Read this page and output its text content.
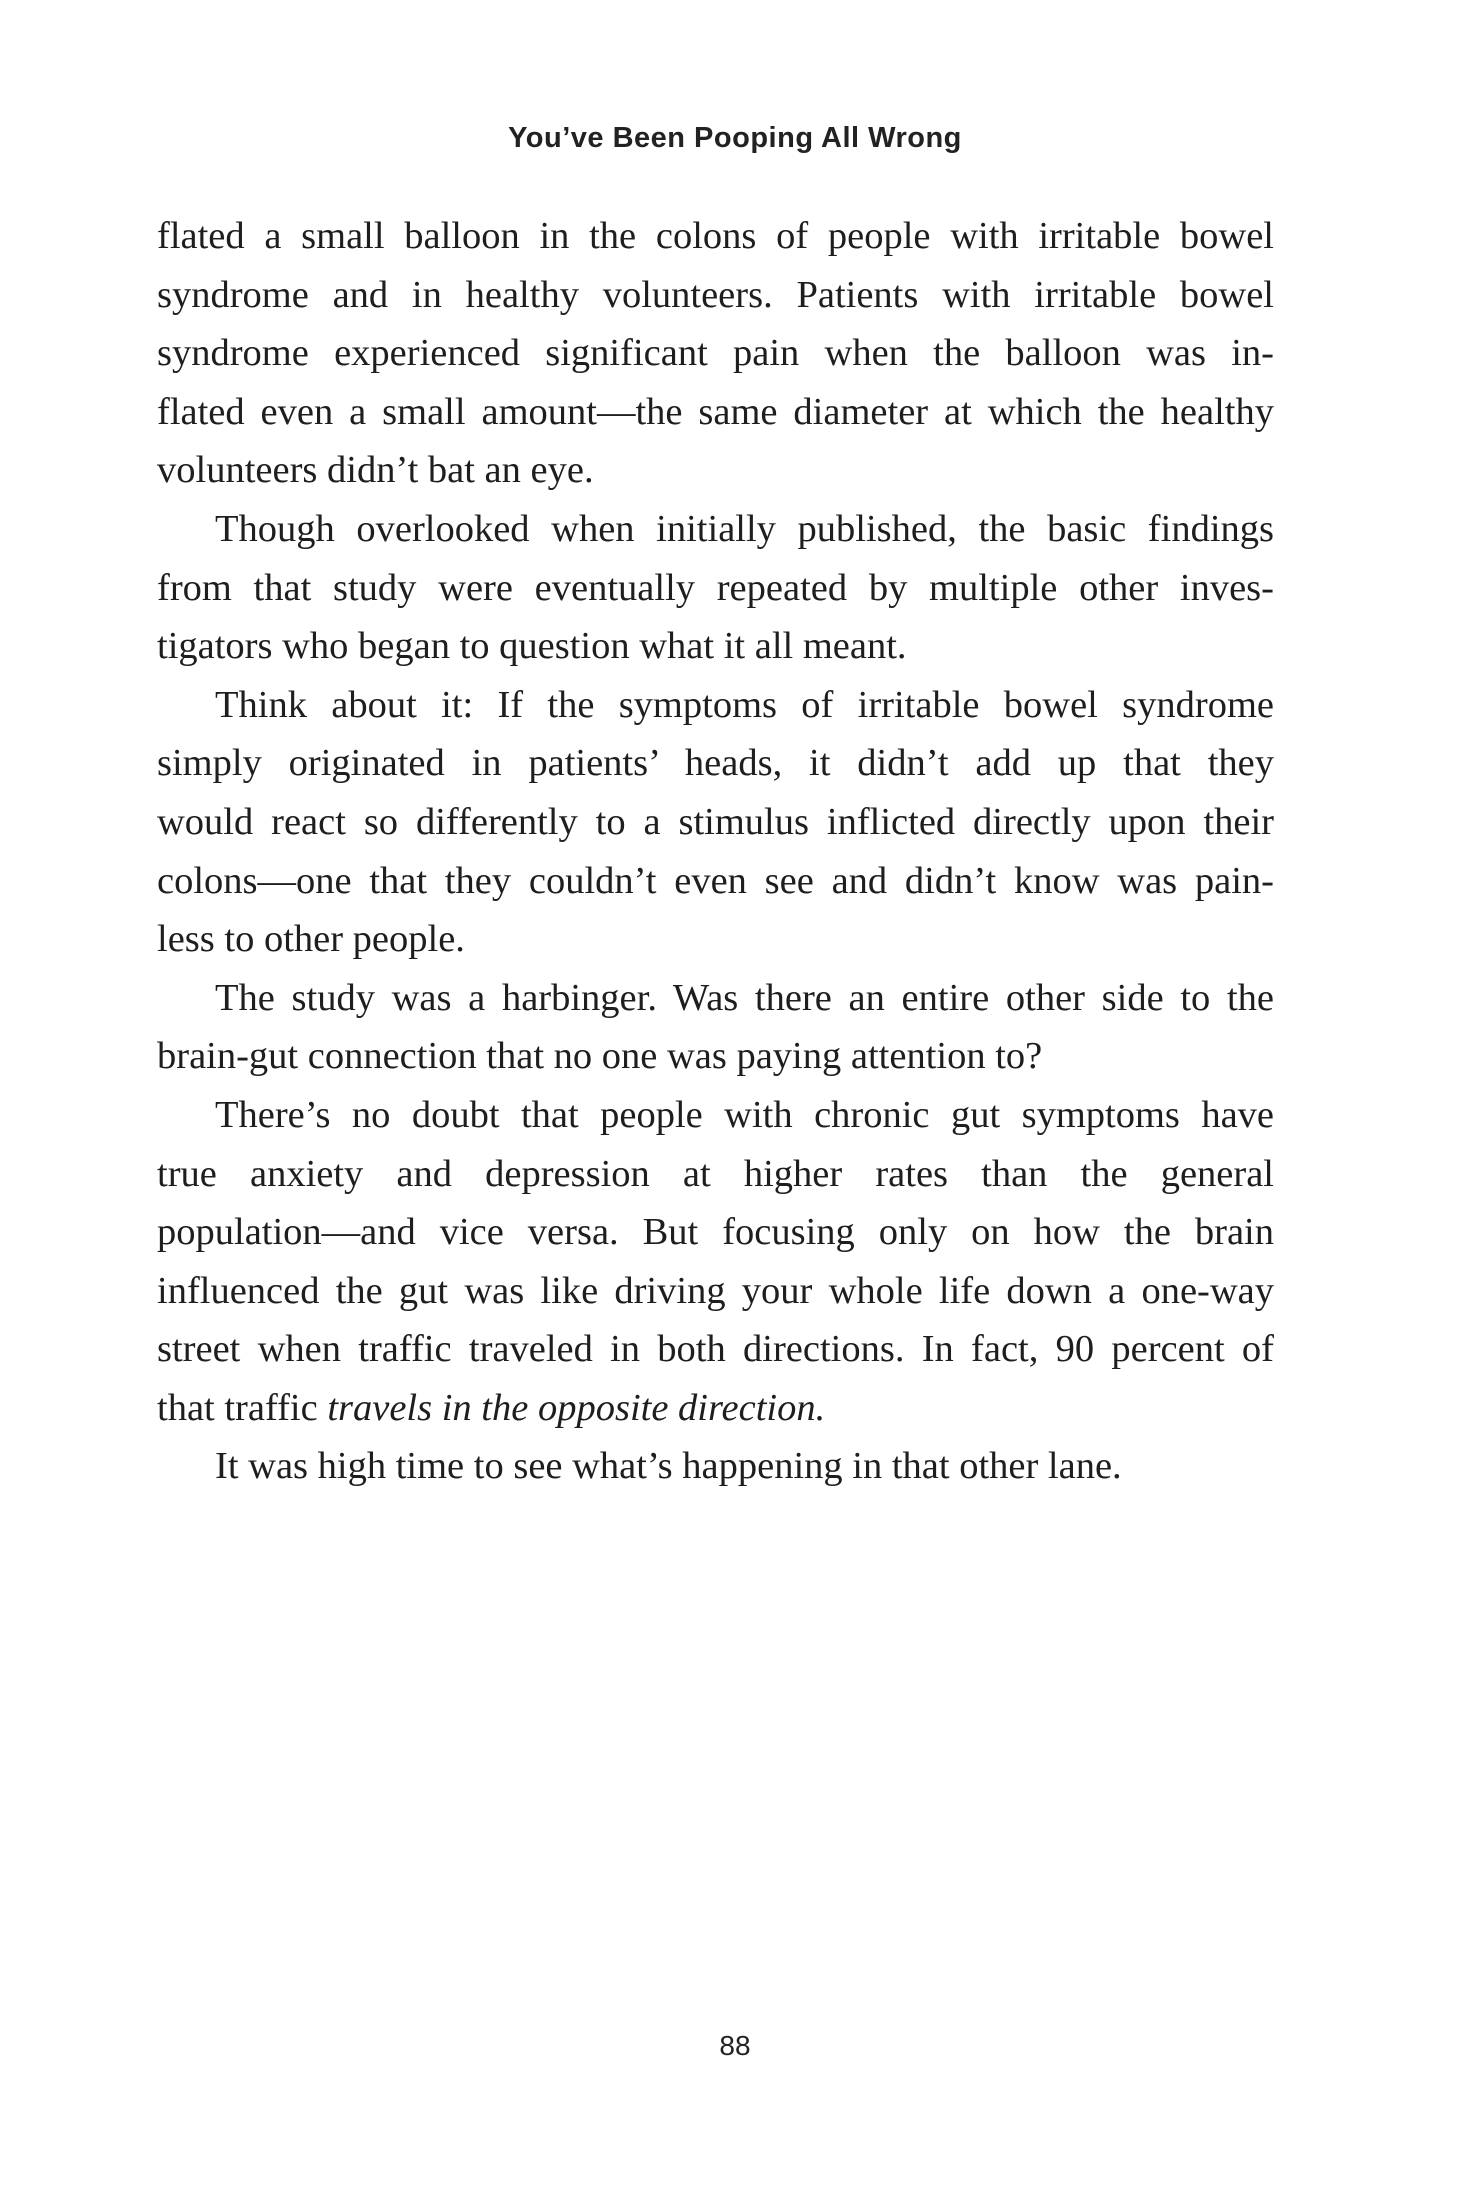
You’ve Been Pooping All Wrong
flated a small balloon in the colons of people with irritable bowel
syndrome and in healthy volunteers. Patients with irritable bowel
syndrome experienced significant pain when the balloon was in-
flated even a small amount—the same diameter at which the healthy
volunteers didn’t bat an eye.
Though overlooked when initially published, the basic findings
from that study were eventually repeated by multiple other inves-
tigators who began to question what it all meant.
Think about it: If the symptoms of irritable bowel syndrome
simply originated in patients’ heads, it didn’t add up that they
would react so differently to a stimulus inflicted directly upon their
colons—one that they couldn’t even see and didn’t know was pain-
less to other people.
The study was a harbinger. Was there an entire other side to the
brain-gut connection that no one was paying attention to?
There’s no doubt that people with chronic gut symptoms have
true anxiety and depression at higher rates than the general
population—and vice versa. But focusing only on how the brain
influenced the gut was like driving your whole life down a one-way
street when traffic traveled in both directions. In fact, 90 percent of
that traffic travels in the opposite direction.
It was high time to see what’s happening in that other lane.
88
